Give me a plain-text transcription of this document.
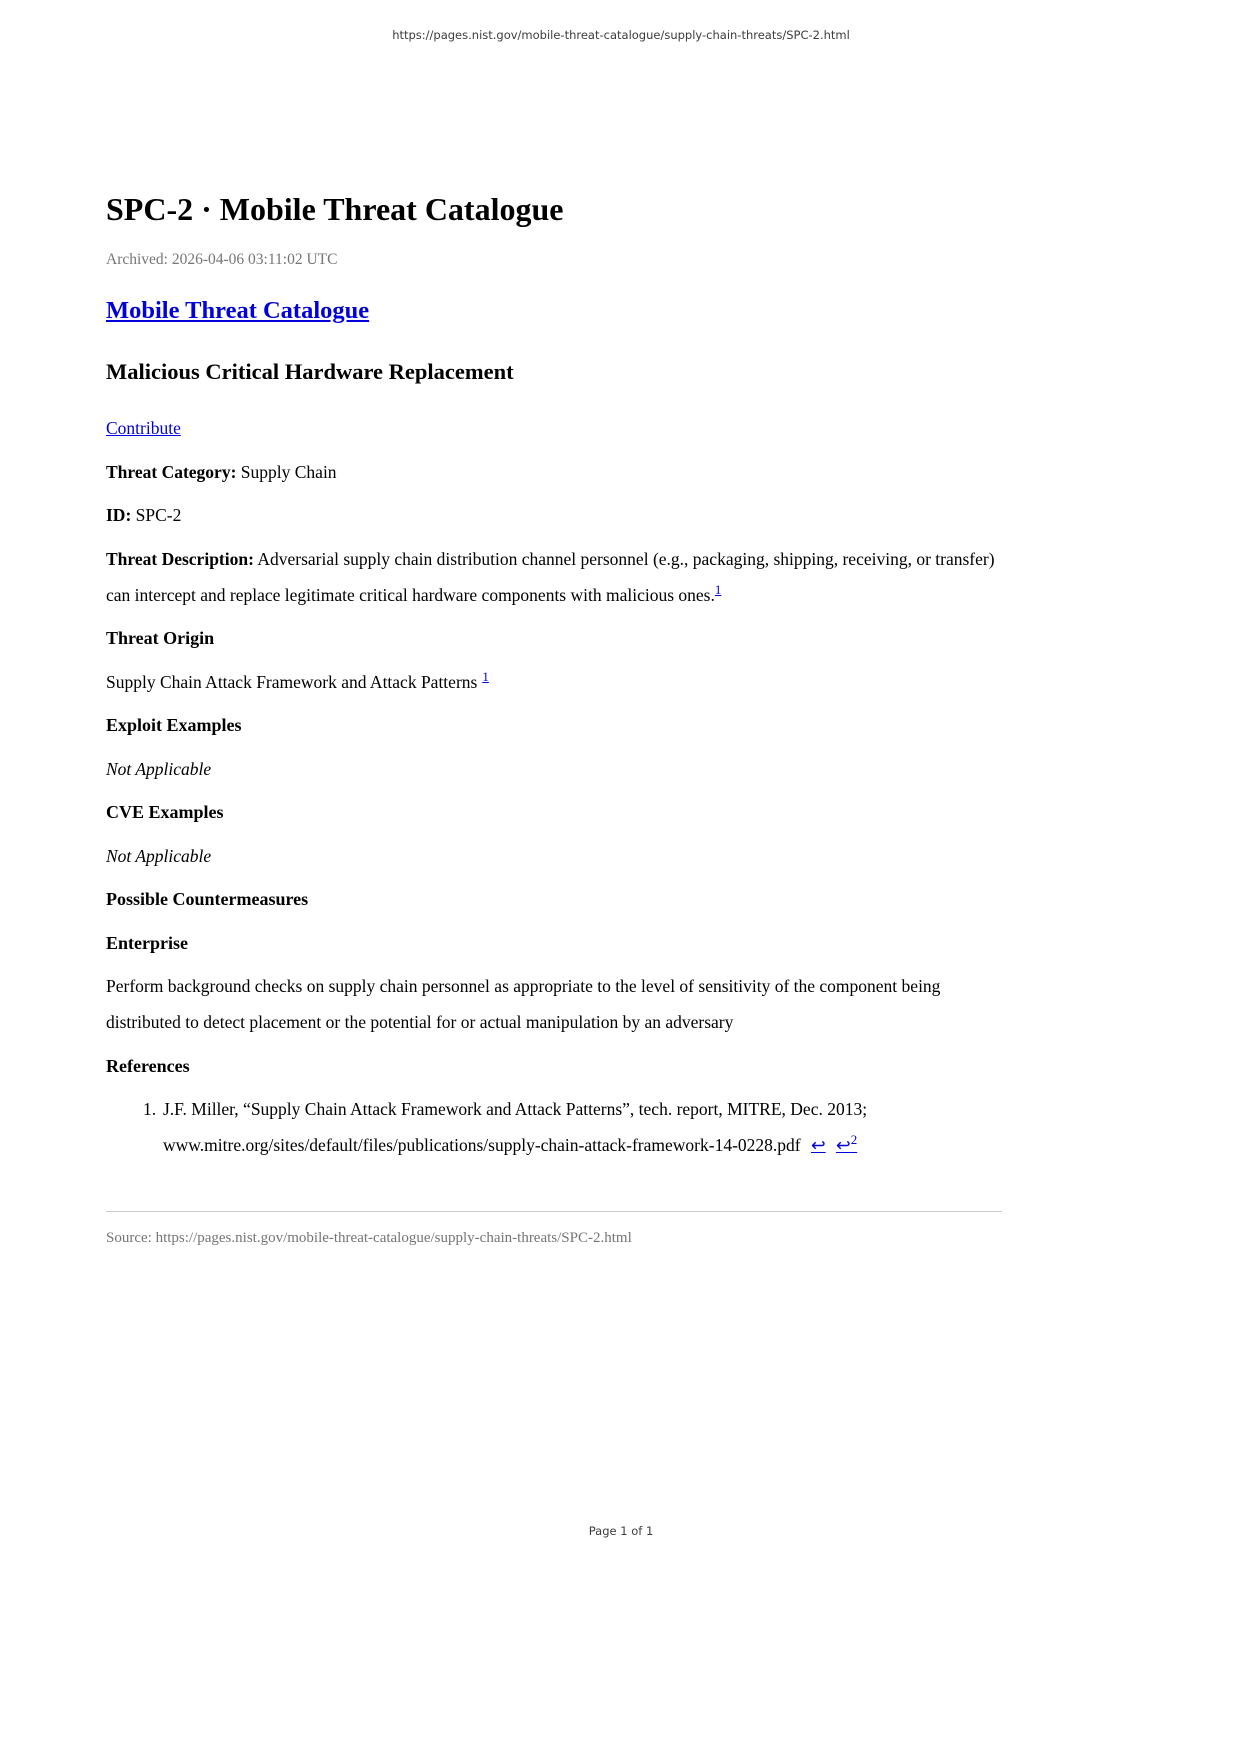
https://pages.nist.gov/mobile-threat-catalogue/supply-chain-threats/SPC-2.html
SPC-2 · Mobile Threat Catalogue

Archived: 2026-04-06 03:11:02 UTC

Mobile Threat Catalogue
Malicious Critical Hardware Replacement

Contribute

Threat Category: Supply Chain

ID: SPC-2

Threat Description: Adversarial supply chain distribution channel personnel (e.g., packaging, shipping, receiving, or transfer) can intercept and replace legitimate critical hardware components with malicious ones.$^1$

Threat Origin

Supply Chain Attack Framework and Attack Patterns $^1$

Exploit Examples

Not Applicable

CVE Examples

Not Applicable

Possible Countermeasures
Enterprise

Perform background checks on supply chain personnel as appropriate to the level of sensitivity of the component being distributed to detect placement or the potential for or actual manipulation by an adversary

References
1. J.F. Miller, “Supply Chain Attack Framework and Attack Patterns”, tech. report, MITRE, Dec. 2013; www.mitre.org/sites/default/files/publications/supply-chain-attack-framework-14-0228.pdf ↩ ↩$^2$

Source: https://pages.nist.gov/mobile-threat-catalogue/supply-chain-threats/SPC-2.html

Page 1 of 1
